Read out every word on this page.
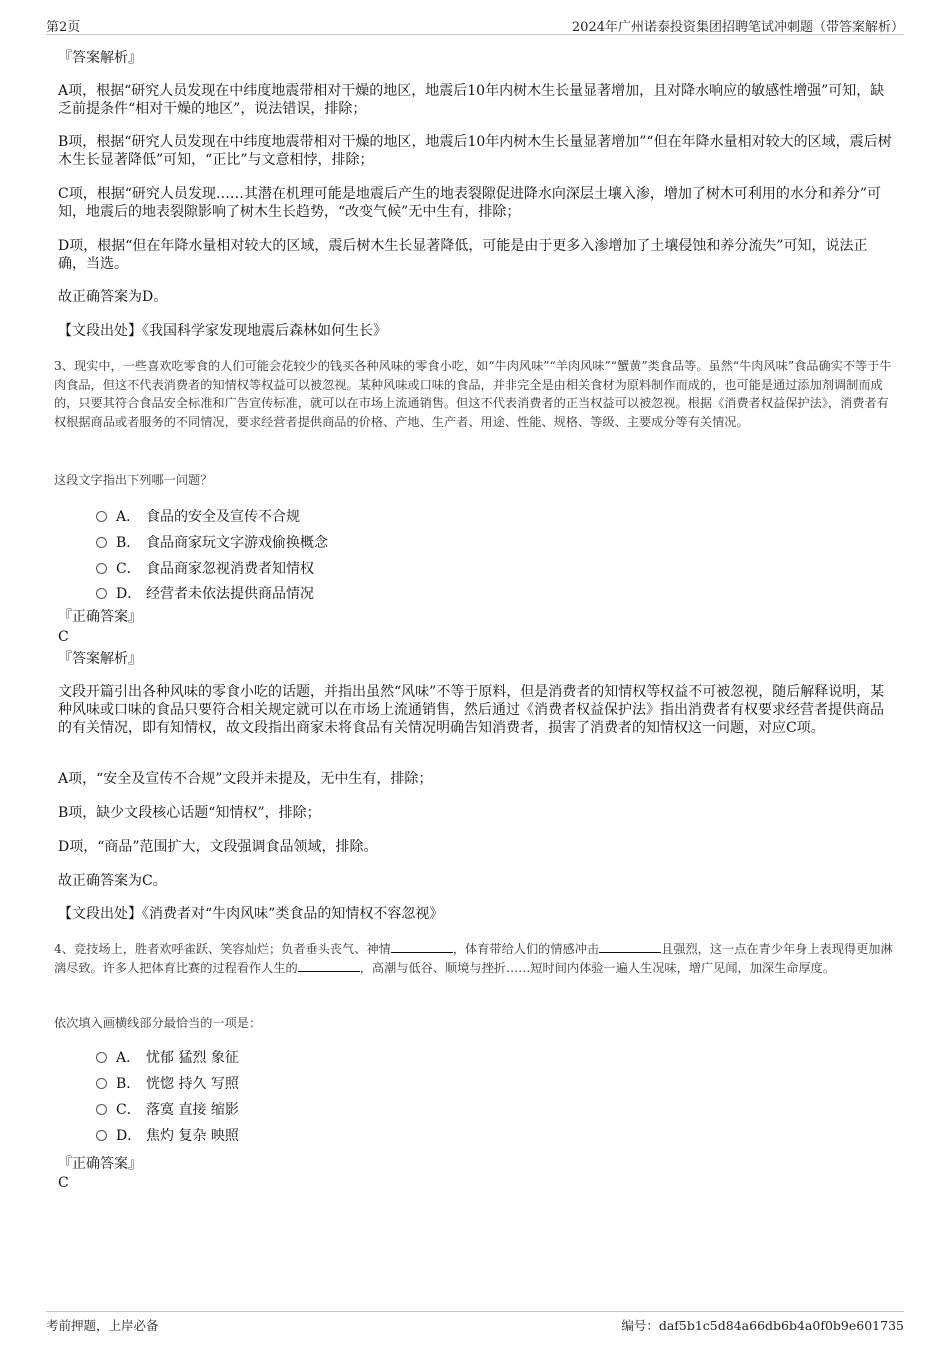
第2页	2024年广州诺泰投资集团招聘笔试冲刺题（带答案解析）

『答案解析』

A项，根据“研究人员发现在中纬度地震带相对干燥的地区，地震后10年内树木生长量显著增加，且对降水响应的敏感性增强”可知，缺乏前提条件“相对干燥的地区”，说法错误，排除；

B项，根据“研究人员发现在中纬度地震带相对干燥的地区，地震后10年内树木生长量显著增加”“但在年降水量相对较大的区域，震后树木生长显著降低”可知，“正比”与文意相悖，排除；

C项，根据“研究人员发现……其潜在机理可能是地震后产生的地表裂隙促进降水向深层土壤入渗，增加了树木可利用的水分和养分”可知，地震后的地表裂隙影响了树木生长趋势，“改变气候”无中生有，排除；

D项，根据“但在年降水量相对较大的区域，震后树木生长显著降低，可能是由于更多入渗增加了土壤侵蚀和养分流失”可知，说法正确，当选。

故正确答案为D。

【文段出处】《我国科学家发现地震后森林如何生长》

3、现实中，一些喜欢吃零食的人们可能会花较少的钱买各种风味的零食小吃，如“牛肉风味”“羊肉风味”“蟹黄”类食品等。虽然“牛肉风味”食品确实不等于牛肉食品，但这不代表消费者的知情权等权益可以被忽视。某种风味或口味的食品，并非完全是由相关食材为原料制作而成的，也可能是通过添加剂调制而成的，只要其符合食品安全标准和广告宣传标准，就可以在市场上流通销售。但这不代表消费者的正当权益可以被忽视。根据《消费者权益保护法》，消费者有权根据商品或者服务的不同情况，要求经营者提供商品的价格、产地、生产者、用途、性能、规格、等级、主要成分等有关情况。

这段文字指出下列哪一问题？

A． 食品的安全及宣传不合规
B． 食品商家玩文字游戏偷换概念
C． 食品商家忽视消费者知情权
D． 经营者未依法提供商品情况

『正确答案』

C

『答案解析』

文段开篇引出各种风味的零食小吃的话题，并指出虽然“风味”不等于原料，但是消费者的知情权等权益不可被忽视，随后解释说明，某种风味或口味的食品只要符合相关规定就可以在市场上流通销售，然后通过《消费者权益保护法》指出消费者有权要求经营者提供商品的有关情况，即有知情权，故文段指出商家未将食品有关情况明确告知消费者，损害了消费者的知情权这一问题，对应C项。

A项，“安全及宣传不合规”文段并未提及，无中生有，排除；

B项，缺少文段核心话题“知情权”，排除；

D项，“商品”范围扩大，文段强调食品领域，排除。

故正确答案为C。

【文段出处】《消费者对“牛肉风味”类食品的知情权不容忽视》

4、竞技场上，胜者欢呼雀跃、笑容灿烂；负者垂头丧气、神情	，体育带给人们的情感冲击	且强烈，这一点在青少年身上表现得更加淋漓尽致。许多人把体育比赛的过程看作人生的	，高潮与低谷、顺境与挫折……短时间内体验一遍人生况味，增广见闻，加深生命厚度。

依次填入画横线部分最恰当的一项是：

A． 忧郁 猛烈 象征
B． 恍惚 持久 写照
C． 落寞 直接 缩影
D． 焦灼 复杂 映照

『正确答案』

C

考前押题，上岸必备	编号：daf5b1c5d84a66db6b4a0f0b9e601735
